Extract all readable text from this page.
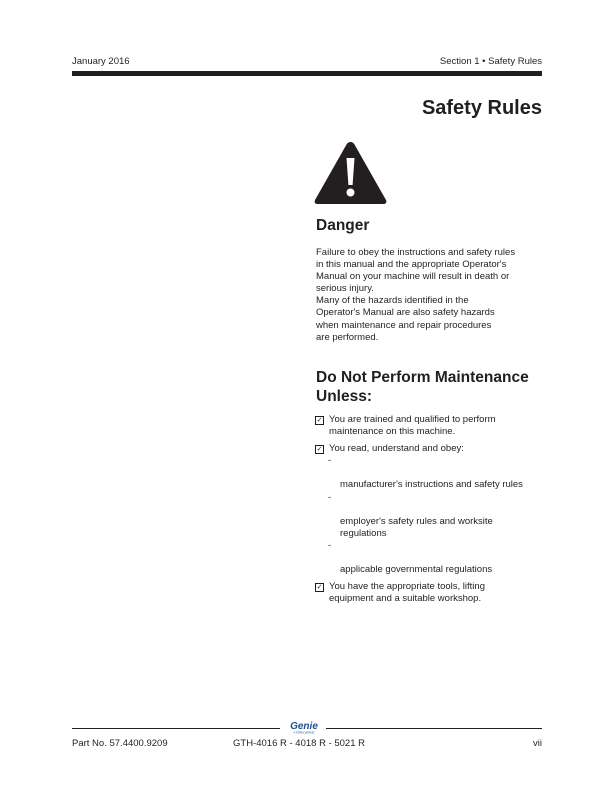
January 2016	Section 1 • Safety Rules
Safety Rules
Danger
Failure to obey the instructions and safety rules
in this manual and the appropriate Operator's
Manual on your machine will result in death or
serious injury.
Many of the hazards identified in the
Operator's Manual are also safety hazards
when maintenance and repair procedures
are performed.
Do Not Perform Maintenance
Unless:
✓ You are trained and qualified to perform
maintenance on this machine.
✓ You read, understand and obey:

-

manufacturer's instructions and safety rules

-

employer's safety rules and worksite
regulations

-

applicable governmental regulations

✓ You have the appropriate tools, lifting
equipment and a suitable workshop.
Genie
A TEREX BRAND
Part No. 57.4400.9209	GTH-4016 R - 4018 R - 5021 R	vii
